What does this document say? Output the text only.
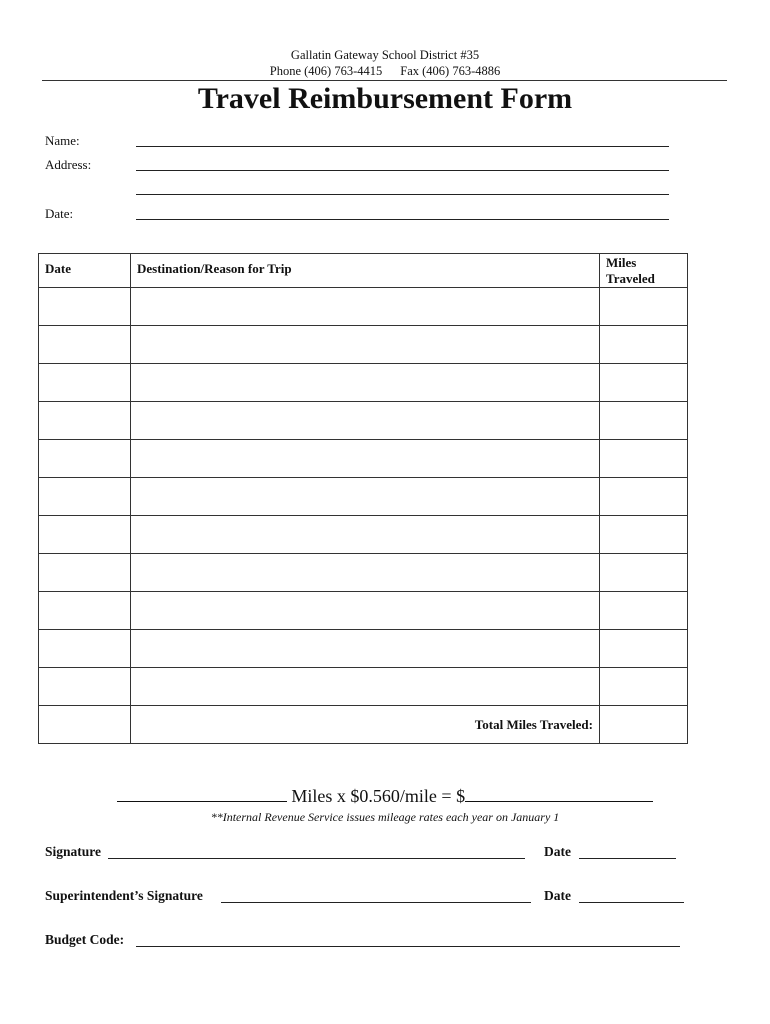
Gallatin Gateway School District #35
Phone (406) 763-4415 Fax (406) 763-4886
Travel Reimbursement Form
Name:
Address:
Date:
Date	Destination/Reason for Trip	Miles Traveled

	Total Miles Traveled:	
Miles x $0.560/mile = $
**Internal Revenue Service issues mileage rates each year on January 1
Signature	Date
Superintendent’s Signature	Date
Budget Code:
